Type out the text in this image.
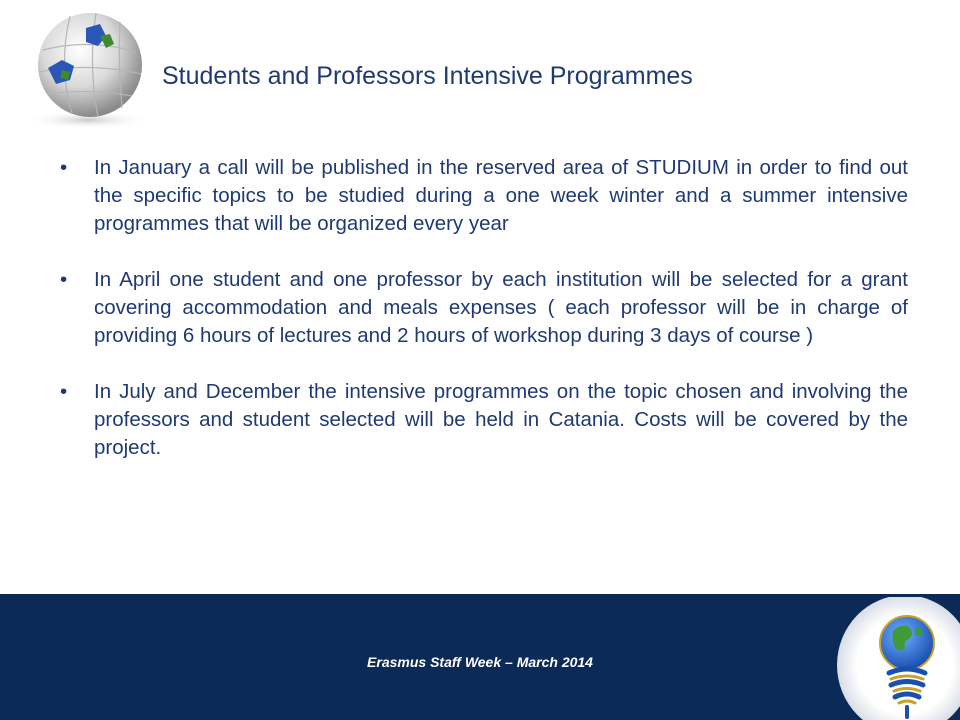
Students and Professors Intensive Programmes
•	In January a call will be published in the reserved area of STUDIUM in order to find out the specific topics to be studied during a one week winter and a summer intensive programmes that will be organized every year
•	In April one student and one professor by each institution will be selected for a grant covering accommodation and meals expenses ( each professor will be in charge of providing 6 hours of lectures and 2 hours of workshop during 3 days of course )
•	In July and December the intensive programmes on the topic chosen and involving the professors and student selected will be held in Catania. Costs will be covered by the project.
Erasmus Staff Week – March 2014
